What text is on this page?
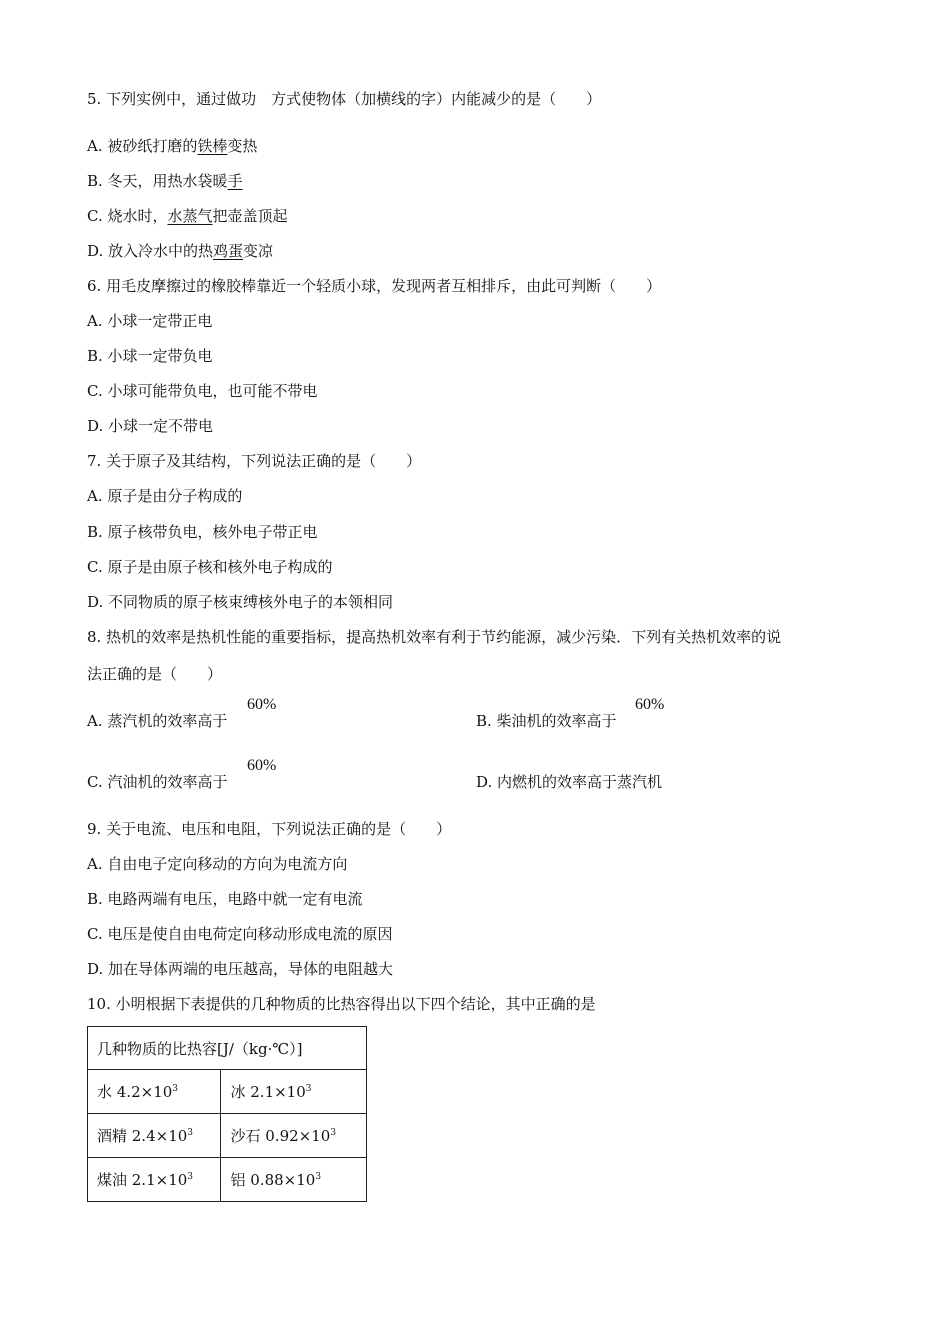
5. 下列实例中，通过做功　方式使物体（加横线的字）内能减少的是（　　）
A. 被砂纸打磨的铁棒变热
B. 冬天，用热水袋暖手
C. 烧水时，水蒸气把壶盖顶起
D. 放入冷水中的热鸡蛋变凉
6. 用毛皮摩擦过的橡胶棒靠近一个轻质小球，发现两者互相排斥，由此可判断（　　）
A. 小球一定带正电
B. 小球一定带负电
C. 小球可能带负电，也可能不带电
D. 小球一定不带电
7. 关于原子及其结构，下列说法正确的是（　　）
A. 原子是由分子构成的
B. 原子核带负电，核外电子带正电
C. 原子是由原子核和核外电子构成的
D. 不同物质的原子核束缚核外电子的本领相同
8. 热机的效率是热机性能的重要指标，提高热机效率有利于节约能源，减少污染．下列有关热机效率的说
法正确的是（　　）
A. 蒸汽机的效率高于
60%
B. 柴油机的效率高于
60%
C. 汽油机的效率高于
60%
D. 内燃机的效率高于蒸汽机
9. 关于电流、电压和电阻，下列说法正确的是（　　）
A. 自由电子定向移动的方向为电流方向
B. 电路两端有电压，电路中就一定有电流
C. 电压是使自由电荷定向移动形成电流的原因
D. 加在导体两端的电压越高，导体的电阻越大
10. 小明根据下表提供的几种物质的比热容得出以下四个结论，其中正确的是
几种物质的比热容[J/（kg·℃）]	
水 $4.2\times 10^3$	冰 $2.1\times 10^3$
酒精 $2.4\times 10^3$	沙石 $0.92\times 10^3$
煤油 $2.1\times 10^3$	铝 $0.88\times 10^3$
